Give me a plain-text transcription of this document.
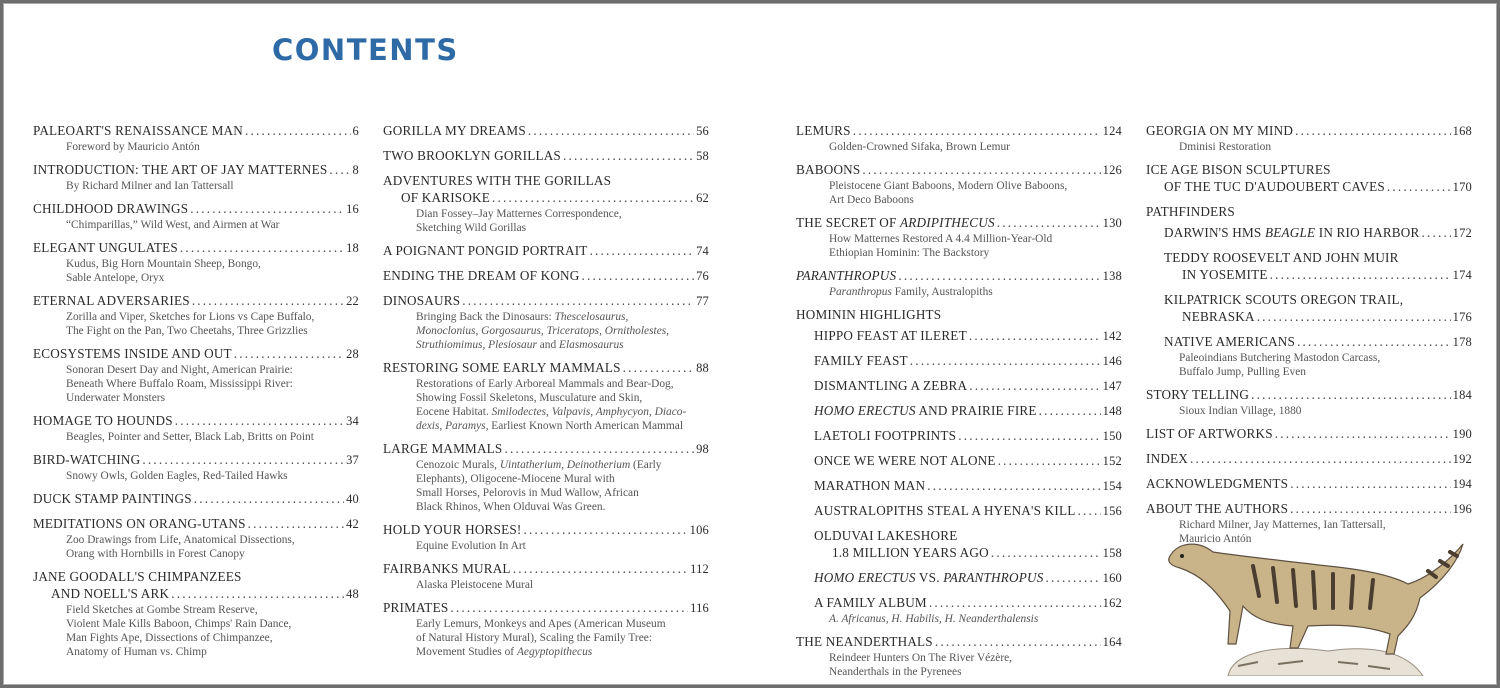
CONTENTS
PALEOART'S RENAISSANCE MAN .....	6
Foreword by Mauricio Antón
INTRODUCTION: THE ART OF JAY MATTERNES ..... 8
By Richard Milner and Ian Tattersall
CHILDHOOD DRAWINGS .....	16
“Chimparillas,” Wild West, and Airmen at War
ELEGANT UNGULATES .....	18
Kudus, Big Horn Mountain Sheep, Bongo,
Sable Antelope, Oryx
ETERNAL ADVERSARIES .....	22
Zorilla and Viper, Sketches for Lions vs Cape Buffalo,
The Fight on the Pan, Two Cheetahs, Three Grizzlies
ECOSYSTEMS INSIDE AND OUT .....	28
Sonoran Desert Day and Night, American Prairie:
Beneath Where Buffalo Roam, Mississippi River:
Underwater Monsters
HOMAGE TO HOUNDS .....	34
Beagles, Pointer and Setter, Black Lab, Britts on Point
BIRD-WATCHING .....	37
Snowy Owls, Golden Eagles, Red-Tailed Hawks
DUCK STAMP PAINTINGS .....	40
MEDITATIONS ON ORANG-UTANS .....	42
Zoo Drawings from Life, Anatomical Dissections,
Orang with Hornbills in Forest Canopy
JANE GOODALL'S CHIMPANZEES
AND NOELL'S ARK .....	48
Field Sketches at Gombe Stream Reserve,
Violent Male Kills Baboon, Chimps' Rain Dance,
Man Fights Ape, Dissections of Chimpanzee,
Anatomy of Human vs. Chimp
GORILLA MY DREAMS .....	56
TWO BROOKLYN GORILLAS .....	58
ADVENTURES WITH THE GORILLAS
OF KARISOKE .....	62
Dian Fossey–Jay Matternes Correspondence,
Sketching Wild Gorillas
A POIGNANT PONGID PORTRAIT .....	74
ENDING THE DREAM OF KONG .....	76
DINOSAURS .....	77
Bringing Back the Dinosaurs: Thescelosaurus,
Monoclonius, Gorgosaurus, Triceratops, Ornitholestes,
Struthiomimus, Plesiosaur and Elasmosaurus
RESTORING SOME EARLY MAMMALS .....	88
Restorations of Early Arboreal Mammals and Bear-Dog,
Showing Fossil Skeletons, Musculature and Skin,
Eocene Habitat. Smilodectes, Valpavis, Amphycyon, Diaco-
dexis, Paramys, Earliest Known North American Mammal
LARGE MAMMALS .....	98
Cenozoic Murals, Uintatherium, Deinotherium (Early
Elephants), Oligocene-Miocene Mural with
Small Horses, Pelorovis in Mud Wallow, African
Black Rhinos, When Olduvai Was Green.
HOLD YOUR HORSES! .....	106
Equine Evolution In Art
FAIRBANKS MURAL .....	112
Alaska Pleistocene Mural
PRIMATES .....	116
Early Lemurs, Monkeys and Apes (American Museum
of Natural History Mural), Scaling the Family Tree:
Movement Studies of Aegyptopithecus
LEMURS .....	124
Golden-Crowned Sifaka, Brown Lemur
BABOONS .....	126
Pleistocene Giant Baboons, Modern Olive Baboons,
Art Deco Baboons
THE SECRET OF ARDIPITHECUS .....	130
How Matternes Restored A 4.4 Million-Year-Old
Ethiopian Hominin: The Backstory
PARANTHROPUS .....	138
Paranthropus Family, Australopiths
HOMININ HIGHLIGHTS
HIPPO FEAST AT ILERET .....	142
FAMILY FEAST .....	146
DISMANTLING A ZEBRA .....	147
HOMO ERECTUS AND PRAIRIE FIRE .....	148
LAETOLI FOOTPRINTS .....	150
ONCE WE WERE NOT ALONE .....	152
MARATHON MAN .....	154
AUSTRALOPITHS STEAL A HYENA'S KILL ..... 156
OLDUVAI LAKESHORE
1.8 MILLION YEARS AGO .....	158
HOMO ERECTUS VS. PARANTHROPUS .....	160
A FAMILY ALBUM .....	162
A. Africanus, H. Habilis, H. Neanderthalensis
THE NEANDERTHALS .....	164
Reindeer Hunters On The River Vézère,
Neanderthals in the Pyrenees
GEORGIA ON MY MIND .....	168
Dminisi Restoration
ICE AGE BISON SCULPTURES
OF THE TUC D'AUDOUBERT CAVES .....	170
PATHFINDERS
DARWIN'S HMS BEAGLE IN RIO HARBOR .....	172
TEDDY ROOSEVELT AND JOHN MUIR
IN YOSEMITE .....	174
KILPATRICK SCOUTS OREGON TRAIL,
NEBRASKA .....	176
NATIVE AMERICANS .....	178
Paleoindians Butchering Mastodon Carcass,
Buffalo Jump, Pulling Even
STORY TELLING .....	184
Sioux Indian Village, 1880
LIST OF ARTWORKS .....	190
INDEX .....	192
ACKNOWLEDGMENTS .....	194
ABOUT THE AUTHORS .....	196
Richard Milner, Jay Matternes, Ian Tattersall,
Mauricio Antón
